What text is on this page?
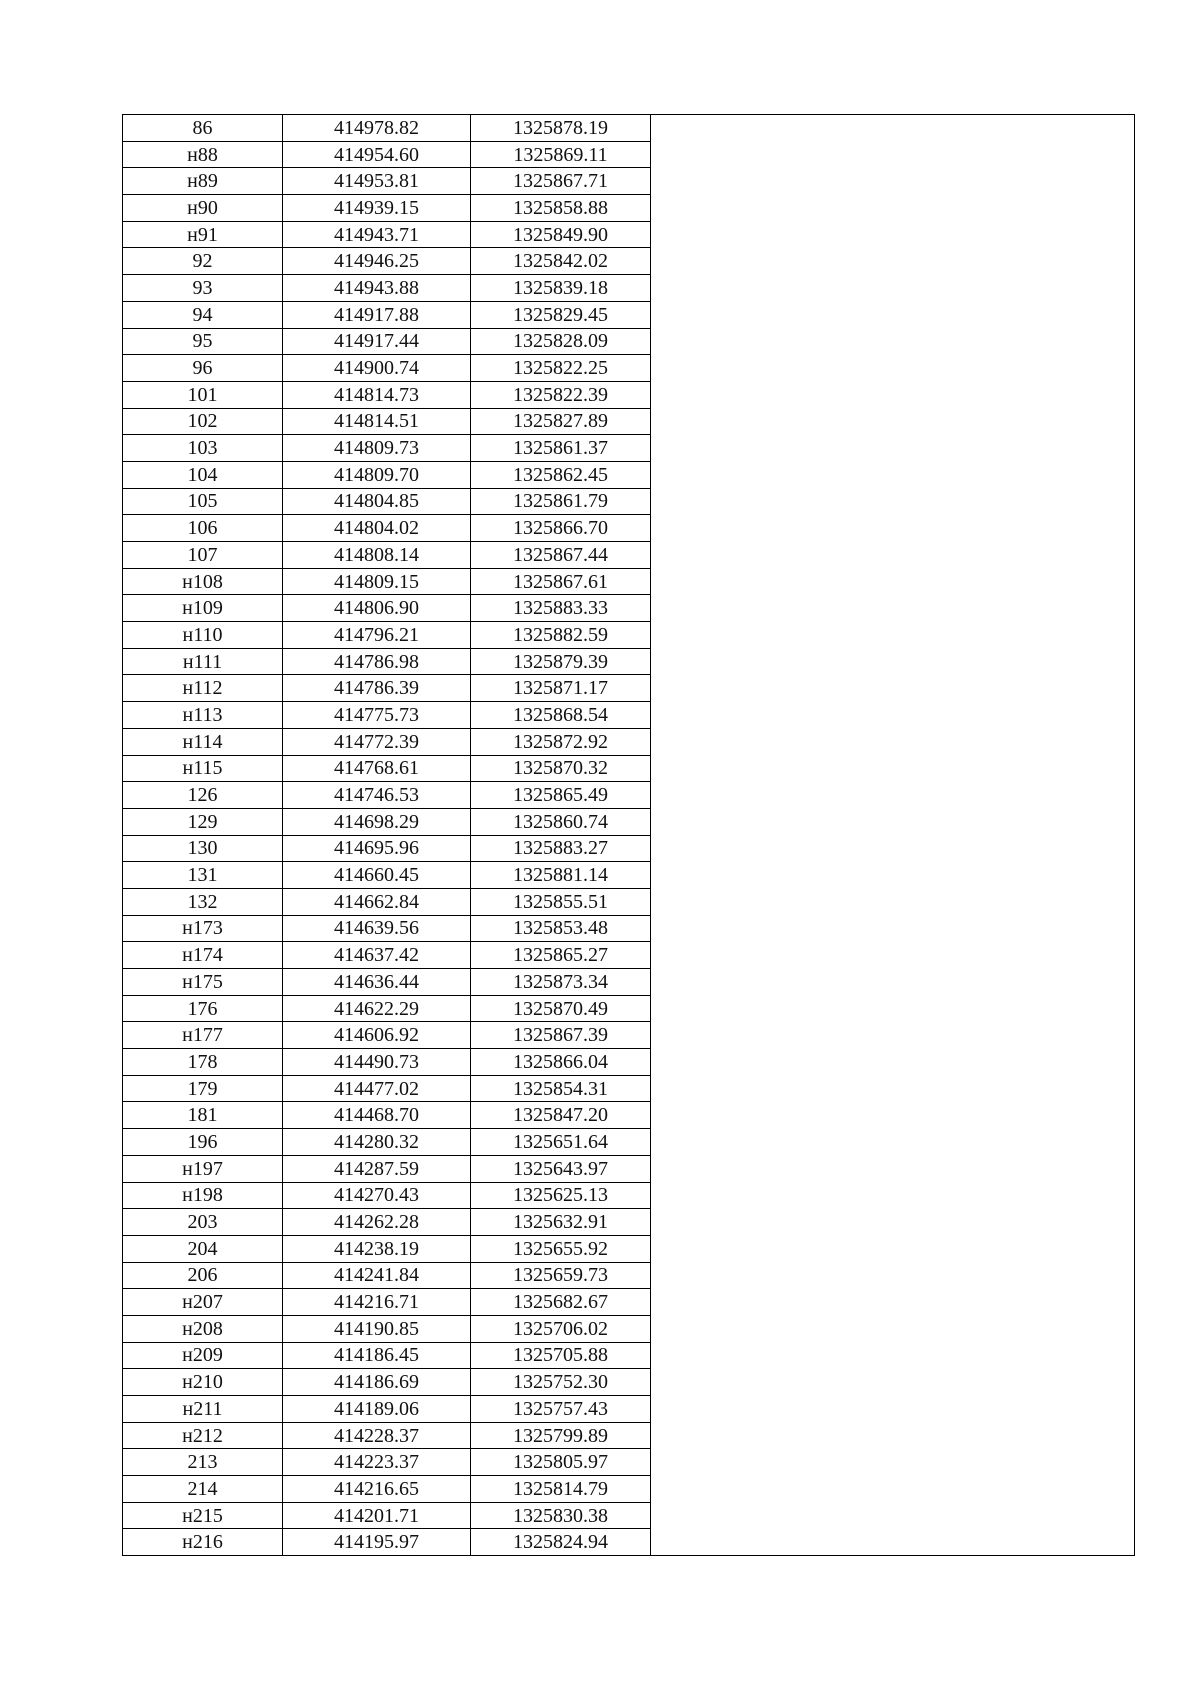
86	414978.82	1325878.19	
н88	414954.60	1325869.11	
н89	414953.81	1325867.71	
н90	414939.15	1325858.88	
н91	414943.71	1325849.90	
92	414946.25	1325842.02	
93	414943.88	1325839.18	
94	414917.88	1325829.45	
95	414917.44	1325828.09	
96	414900.74	1325822.25	
101	414814.73	1325822.39	
102	414814.51	1325827.89	
103	414809.73	1325861.37	
104	414809.70	1325862.45	
105	414804.85	1325861.79	
106	414804.02	1325866.70	
107	414808.14	1325867.44	
н108	414809.15	1325867.61	
н109	414806.90	1325883.33	
н110	414796.21	1325882.59	
н111	414786.98	1325879.39	
н112	414786.39	1325871.17	
н113	414775.73	1325868.54	
н114	414772.39	1325872.92	
н115	414768.61	1325870.32	
126	414746.53	1325865.49	
129	414698.29	1325860.74	
130	414695.96	1325883.27	
131	414660.45	1325881.14	
132	414662.84	1325855.51	
н173	414639.56	1325853.48	
н174	414637.42	1325865.27	
н175	414636.44	1325873.34	
176	414622.29	1325870.49	
н177	414606.92	1325867.39	
178	414490.73	1325866.04	
179	414477.02	1325854.31	
181	414468.70	1325847.20	
196	414280.32	1325651.64	
н197	414287.59	1325643.97	
н198	414270.43	1325625.13	
203	414262.28	1325632.91	
204	414238.19	1325655.92	
206	414241.84	1325659.73	
н207	414216.71	1325682.67	
н208	414190.85	1325706.02	
н209	414186.45	1325705.88	
н210	414186.69	1325752.30	
н211	414189.06	1325757.43	
н212	414228.37	1325799.89	
213	414223.37	1325805.97	
214	414216.65	1325814.79	
н215	414201.71	1325830.38	
н216	414195.97	1325824.94	
